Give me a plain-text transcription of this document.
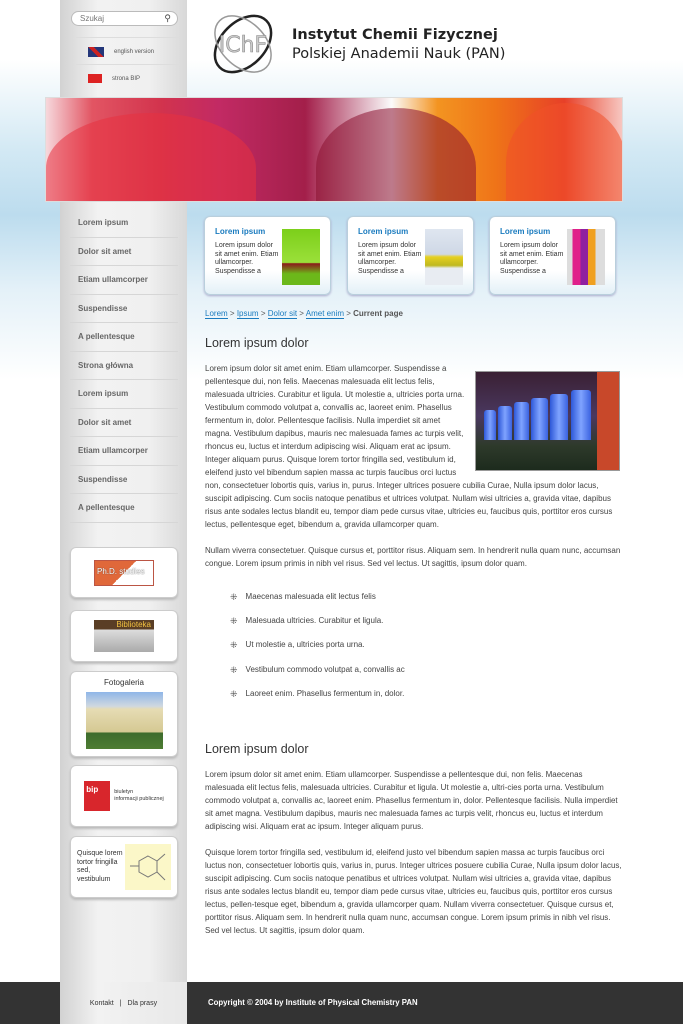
Szukaj	⚲
english version
strona BIP
IChF Instytut Chemii Fizycznej
Polskiej Anademii Nauk (PAN)
Lorem ipsum
Dolor sit amet
Etiam ullamcorper
Suspendisse
A pellentesque
Strona główna
Lorem ipsum
Dolor sit amet
Etiam ullamcorper
Suspendisse
A pellentesque
Ph.D. studies
Biblioteka
Fotogaleria
bip	biuletyn
informacji publicznej
Quisque lorem tortor fringilla sed, vestibulum
Lorem ipsum

Lorem ipsum dolor sit amet enim. Etiam ullamcorper. Suspendisse a

Lorem ipsum

Lorem ipsum dolor sit amet enim. Etiam ullamcorper. Suspendisse a

Lorem ipsum

Lorem ipsum dolor sit amet enim. Etiam ullamcorper. Suspendisse a

Lorem > Ipsum > Dolor sit > Amet enim > Current page
Lorem ipsum dolor

Lorem ipsum dolor sit amet enim. Etiam ullamcorper. Suspendisse a pellentesque dui, non felis. Maecenas malesuada elit lectus felis, malesuada ultricies. Curabitur et ligula. Ut molestie a, ultricies porta urna. Vestibulum commodo volutpat a, convallis ac, laoreet enim. Phasellus fermentum in, dolor. Pellentesque facilisis. Nulla imperdiet sit amet magna. Vestibulum dapibus, mauris nec malesuada fames ac turpis velit, rhoncus eu, luctus et interdum adipiscing wisi. Aliquam erat ac ipsum. Integer aliquam purus. Quisque lorem tortor fringilla sed, vestibulum id, eleifend justo vel bibendum sapien massa ac turpis faucibus orci luctus non, consectetuer lobortis quis, varius in, purus. Integer ultrices posuere cubilia Curae, Nulla ipsum dolor lacus, suscipit adipiscing. Cum sociis natoque penatibus et ultrices volutpat. Nullam wisi ultricies a, gravida vitae, dapibus risus ante sodales lectus blandit eu, tempor diam pede cursus vitae, ultricies eu, faucibus quis, porttitor eros cursus lectus, pellentesque eget, bibendum a, gravida ullamcorper quam.

Nullam viverra consectetuer. Quisque cursus et, porttitor risus. Aliquam sem. In hendrerit nulla quam nunc, accumsan congue. Lorem ipsum primis in nibh vel risus. Sed vel lectus. Ut sagittis, ipsum dolor quam.

⁜ Maecenas malesuada elit lectus felis
⁜ Malesuada ultricies. Curabitur et ligula.
⁜ Ut molestie a, ultricies porta urna.
⁜ Vestibulum commodo volutpat a, convallis ac
⁜ Laoreet enim. Phasellus fermentum in, dolor.
Lorem ipsum dolor

Lorem ipsum dolor sit amet enim. Etiam ullamcorper. Suspendisse a pellentesque dui, non felis. Maecenas malesuada elit lectus felis, malesuada ultricies. Curabitur et ligula. Ut molestie a, ultri-cies porta urna. Vestibulum commodo volutpat a, convallis ac, laoreet enim. Phasellus fermentum in, dolor. Pellentesque facilisis. Nulla imperdiet sit amet magna. Vestibulum dapibus, mauris nec malesuada fames ac turpis velit, rhoncus eu, luctus et interdum adipiscing wisi. Aliquam erat ac ipsum. Integer aliquam purus.

Quisque lorem tortor fringilla sed, vestibulum id, eleifend justo vel bibendum sapien massa ac turpis faucibus orci luctus non, consectetuer lobortis quis, varius in, purus. Integer ultrices posuere cubilia Curae, Nulla ipsum dolor lacus, suscipit adipiscing. Cum sociis natoque penatibus et ultrices volutpat. Nullam wisi ultricies a, gravida vitae, dapibus risus ante sodales lectus blandit eu, tempor diam pede cursus vitae, ultricies eu, faucibus quis, porttitor eros cursus lectus, pellen-tesque eget, bibendum a, gravida ullamcorper quam. Nullam viverra consectetuer. Quisque cursus et, porttitor risus. Aliquam sem. In hendrerit nulla quam nunc, accumsan congue. Lorem ipsum primis in nibh vel risus. Sed vel lectus. Ut sagittis, ipsum dolor quam.

Kontakt | Dla prasy	Copyright © 2004 by Institute of Physical Chemistry PAN
